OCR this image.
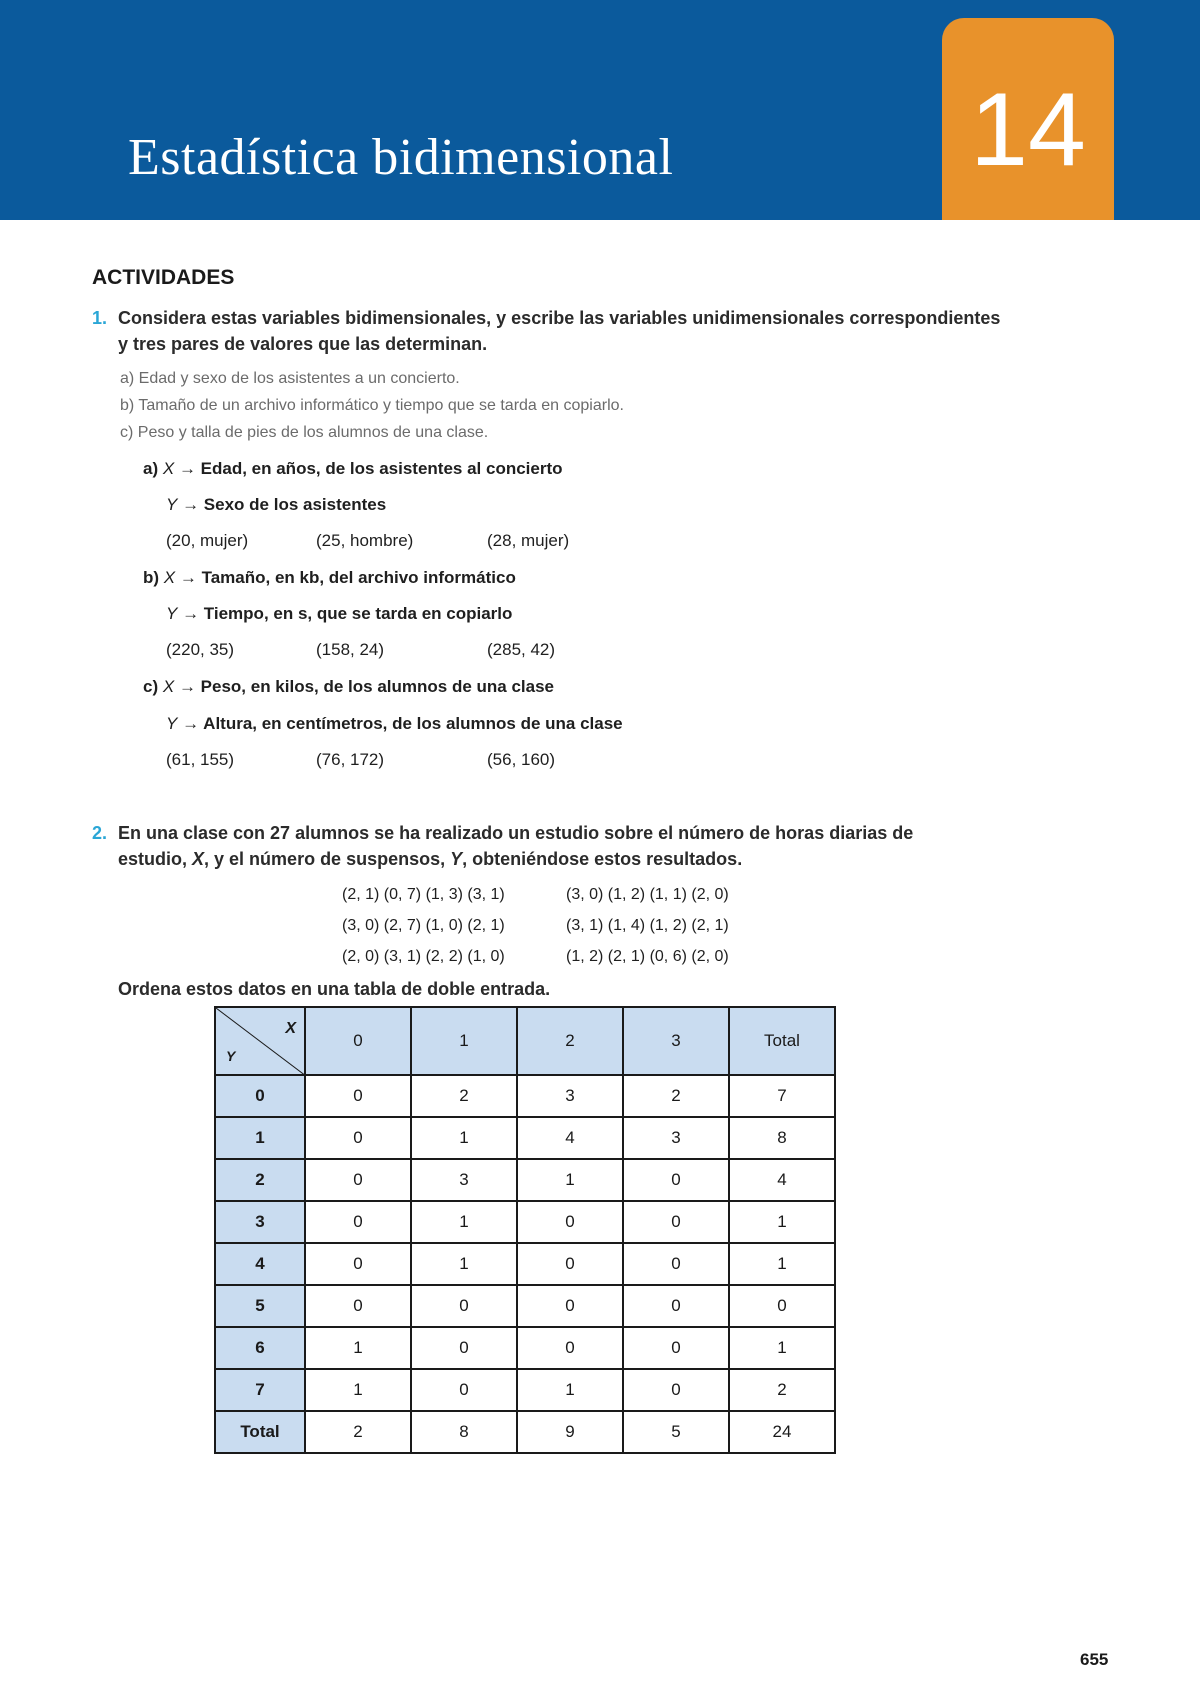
Estadística bidimensional	14
ACTIVIDADES
1. Considera estas variables bidimensionales, y escribe las variables unidimensionales correspondientes
y tres pares de valores que las determinan.
a) Edad y sexo de los asistentes a un concierto.
b) Tamaño de un archivo informático y tiempo que se tarda en copiarlo.
c) Peso y talla de pies de los alumnos de una clase.
a) X → Edad, en años, de los asistentes al concierto
Y → Sexo de los asistentes
(20, mujer)	(25, hombre)	(28, mujer)
b) X → Tamaño, en kb, del archivo informático
Y → Tiempo, en s, que se tarda en copiarlo
(220, 35)	(158, 24)	(285, 42)
c) X → Peso, en kilos, de los alumnos de una clase
Y → Altura, en centímetros, de los alumnos de una clase
(61, 155)	(76, 172)	(56, 160)
2. En una clase con 27 alumnos se ha realizado un estudio sobre el número de horas diarias de
estudio, X, y el número de suspensos, Y, obteniéndose estos resultados.
(2, 1) (0, 7) (1, 3) (3, 1)
(3, 0) (2, 7) (1, 0) (2, 1)
(2, 0) (3, 1) (2, 2) (1, 0)
(3, 0) (1, 2) (1, 1) (2, 0)
(3, 1) (1, 4) (1, 2) (2, 1)
(1, 2) (2, 1) (0, 6) (2, 0)
Ordena estos datos en una tabla de doble entrada.
X
Y	0	1	2	3	Total
0	0	2	3	2	7
1	0	1	4	3	8
2	0	3	1	0	4
3	0	1	0	0	1
4	0	1	0	0	1
5	0	0	0	0	0
6	1	0	0	0	1
7	1	0	1	0	2
Total	2	8	9	5	24
655
